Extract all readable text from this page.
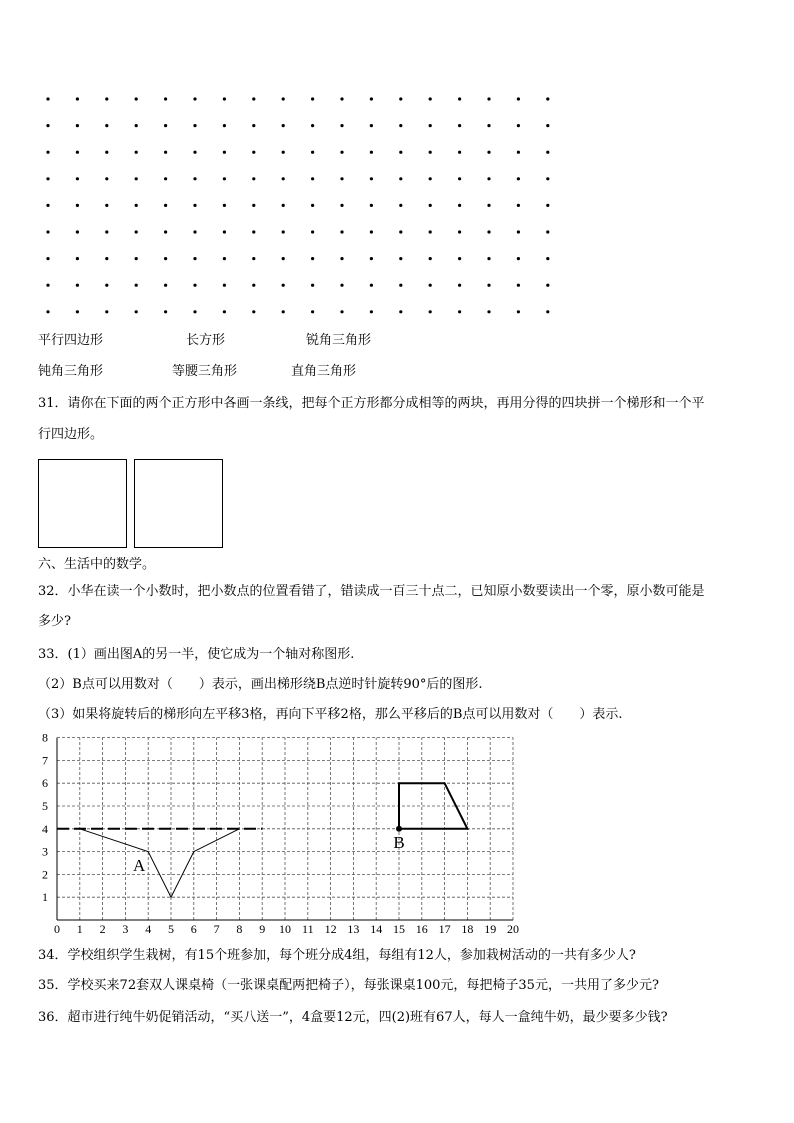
平行四边形	长方形	锐角三角形
钝角三角形	等腰三角形	直角三角形
31．请你在下面的两个正方形中各画一条线，把每个正方形都分成相等的两块，再用分得的四块拼一个梯形和一个平
行四边形。
六、生活中的数学。
32．小华在读一个小数时，把小数点的位置看错了，错读成一百三十点二，已知原小数要读出一个零，原小数可能是
多少?
33．(1）画出图A的另一半，使它成为一个轴对称图形.
（2）B点可以用数对（　　）表示，画出梯形绕B点逆时针旋转90°后的图形.
（3）如果将旋转后的梯形向左平移3格，再向下平移2格，那么平移后的B点可以用数对（　　）表示.
0 1 2 3 4 5 6 7 8 9 10 11 12 13 14 15 16 17 18 19 20
1
2
3
4
5
6
7
8
A
B
34．学校组织学生栽树，有15个班参加，每个班分成4组，每组有12人，参加栽树活动的一共有多少人?
35．学校买来72套双人课桌椅（一张课桌配两把椅子），每张课桌100元，每把椅子35元，一共用了多少元?
36．超市进行纯牛奶促销活动，“买八送一”，4盒要12元，四(2)班有67人，每人一盒纯牛奶，最少要多少钱?
